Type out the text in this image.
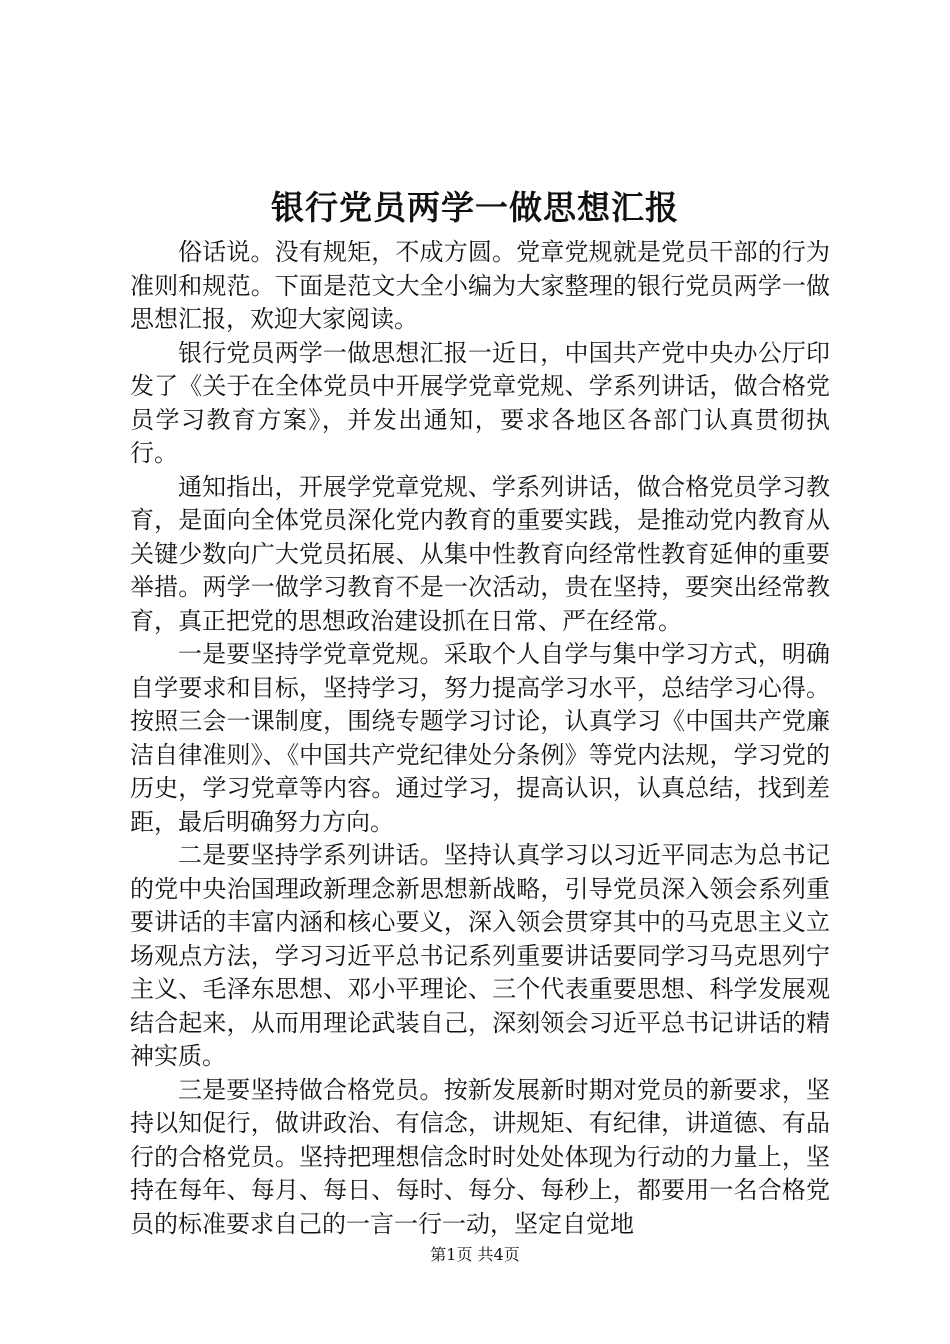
银行党员两学一做思想汇报

俗话说。没有规矩，不成方圆。党章党规就是党员干部的行为准则和规范。下面是范文大全小编为大家整理的银行党员两学一做思想汇报，欢迎大家阅读。

银行党员两学一做思想汇报一近日，中国共产党中央办公厅印发了《关于在全体党员中开展学党章党规、学系列讲话，做合格党员学习教育方案》，并发出通知，要求各地区各部门认真贯彻执行。

通知指出，开展学党章党规、学系列讲话，做合格党员学习教育，是面向全体党员深化党内教育的重要实践，是推动党内教育从关键少数向广大党员拓展、从集中性教育向经常性教育延伸的重要举措。两学一做学习教育不是一次活动，贵在坚持，要突出经常教育，真正把党的思想政治建设抓在日常、严在经常。

一是要坚持学党章党规。采取个人自学与集中学习方式，明确自学要求和目标，坚持学习，努力提高学习水平，总结学习心得。按照三会一课制度，围绕专题学习讨论，认真学习《中国共产党廉洁自律准则》、《中国共产党纪律处分条例》等党内法规，学习党的历史，学习党章等内容。通过学习，提高认识，认真总结，找到差距，最后明确努力方向。

二是要坚持学系列讲话。坚持认真学习以习近平同志为总书记的党中央治国理政新理念新思想新战略，引导党员深入领会系列重要讲话的丰富内涵和核心要义，深入领会贯穿其中的马克思主义立场观点方法，学习习近平总书记系列重要讲话要同学习马克思列宁主义、毛泽东思想、邓小平理论、三个代表重要思想、科学发展观结合起来，从而用理论武装自己，深刻领会习近平总书记讲话的精神实质。

三是要坚持做合格党员。按新发展新时期对党员的新要求，坚持以知促行，做讲政治、有信念，讲规矩、有纪律，讲道德、有品行的合格党员。坚持把理想信念时时处处体现为行动的力量上，坚持在每年、每月、每日、每时、每分、每秒上，都要用一名合格党员的标准要求自己的一言一行一动，坚定自觉地

第1页 共4页
